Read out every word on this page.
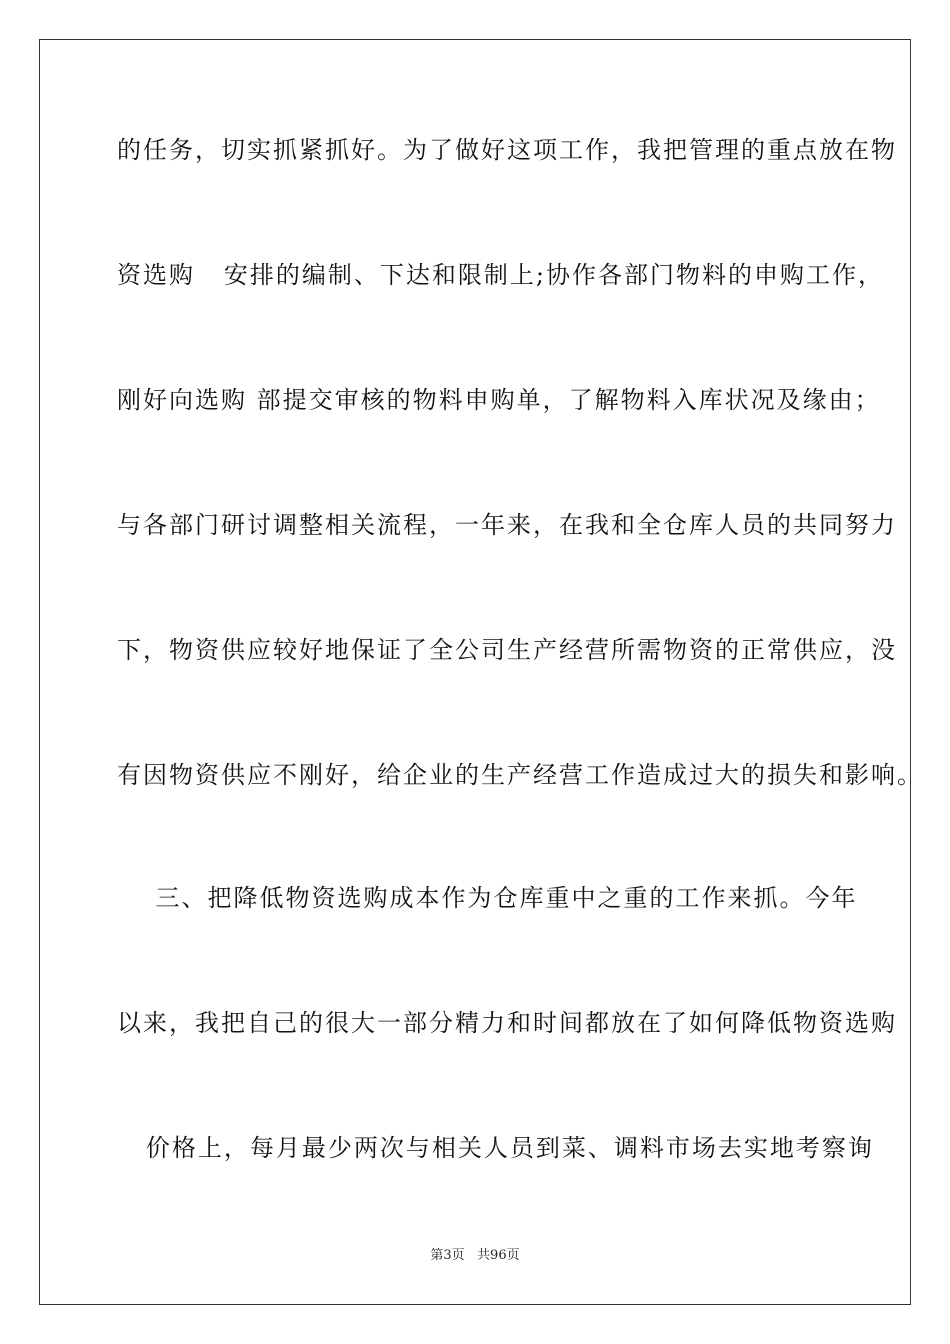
的任务，切实抓紧抓好。为了做好这项工作，我把管理的重点放在物
资选购   安排的编制、下达和限制上;协作各部门物料的申购工作，
刚好向选购 部提交审核的物料申购单，了解物料入库状况及缘由；
与各部门研讨调整相关流程，一年来，在我和全仓库人员的共同努力
下，物资供应较好地保证了全公司生产经营所需物资的正常供应，没
有因物资供应不刚好，给企业的生产经营工作造成过大的损失和影响。
三、把降低物资选购成本作为仓库重中之重的工作来抓。今年
以来，我把自己的很大一部分精力和时间都放在了如何降低物资选购
价格上，每月最少两次与相关人员到菜、调料市场去实地考察询
第3页   共96页
